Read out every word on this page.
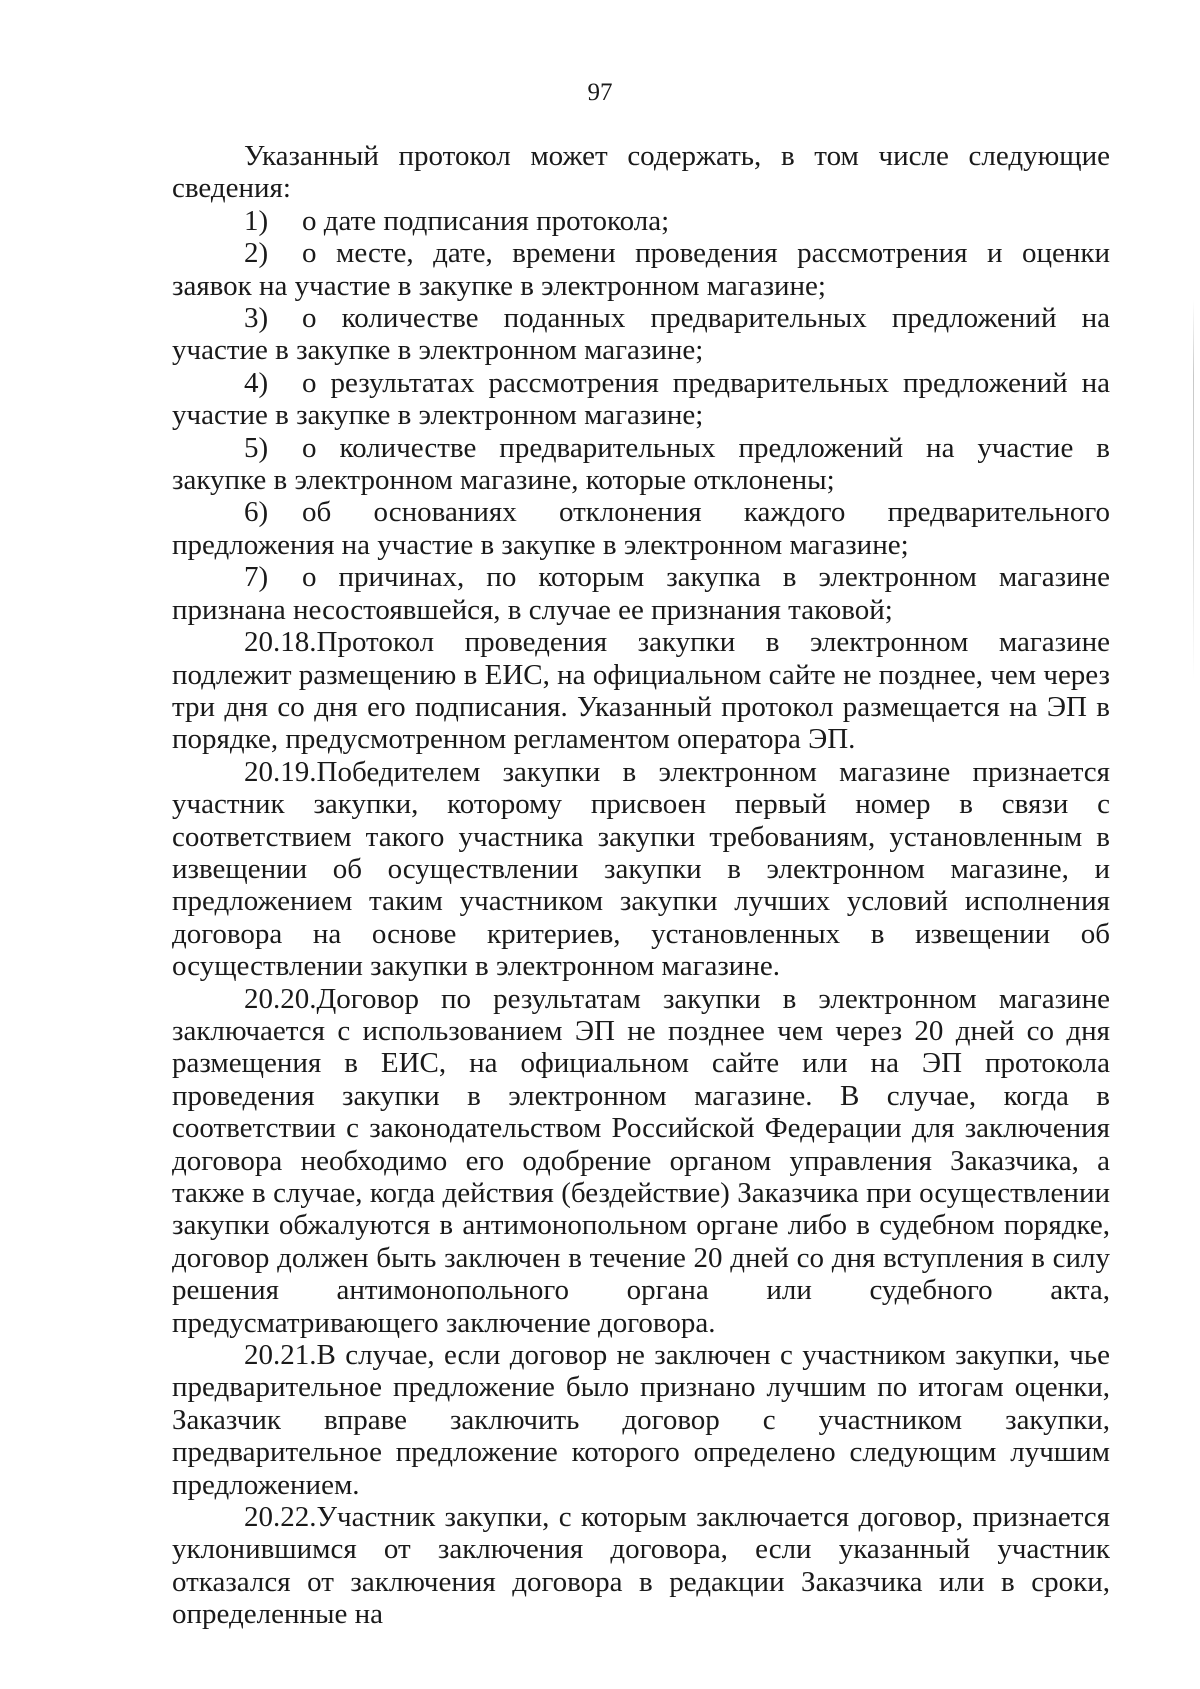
97

Указанный протокол может содержать, в том числе следующие сведения:

1) о дате подписания протокола;

2) о месте, дате, времени проведения рассмотрения и оценки заявок на участие в закупке в электронном магазине;

3) о количестве поданных предварительных предложений на участие в закупке в электронном магазине;

4) о результатах рассмотрения предварительных предложений на участие в закупке в электронном магазине;

5) о количестве предварительных предложений на участие в закупке в электронном магазине, которые отклонены;

6) об основаниях отклонения каждого предварительного предложения на участие в закупке в электронном магазине;

7) о причинах, по которым закупка в электронном магазине признана несостоявшейся, в случае ее признания таковой;

20.18.Протокол проведения закупки в электронном магазине подлежит размещению в ЕИС, на официальном сайте не позднее, чем через три дня со дня его подписания. Указанный протокол размещается на ЭП в порядке, предусмотренном регламентом оператора ЭП.

20.19.Победителем закупки в электронном магазине признается участник закупки, которому присвоен первый номер в связи с соответствием такого участника закупки требованиям, установленным в извещении об осуществлении закупки в электронном магазине, и предложением таким участником закупки лучших условий исполнения договора на основе критериев, установленных в извещении об осуществлении закупки в электронном магазине.

20.20.Договор по результатам закупки в электронном магазине заключается с использованием ЭП не позднее чем через 20 дней со дня размещения в ЕИС, на официальном сайте или на ЭП протокола проведения закупки в электронном магазине. В случае, когда в соответствии с законодательством Российской Федерации для заключения договора необходимо его одобрение органом управления Заказчика, а также в случае, когда действия (бездействие) Заказчика при осуществлении закупки обжалуются в антимонопольном органе либо в судебном порядке, договор должен быть заключен в течение 20 дней со дня вступления в силу решения антимонопольного органа или судебного акта, предусматривающего заключение договора.

20.21.В случае, если договор не заключен с участником закупки, чье предварительное предложение было признано лучшим по итогам оценки, Заказчик вправе заключить договор с участником закупки, предварительное предложение которого определено следующим лучшим предложением.

20.22.Участник закупки, с которым заключается договор, признается уклонившимся от заключения договора, если указанный участник отказался от заключения договора в редакции Заказчика или в сроки, определенные на
